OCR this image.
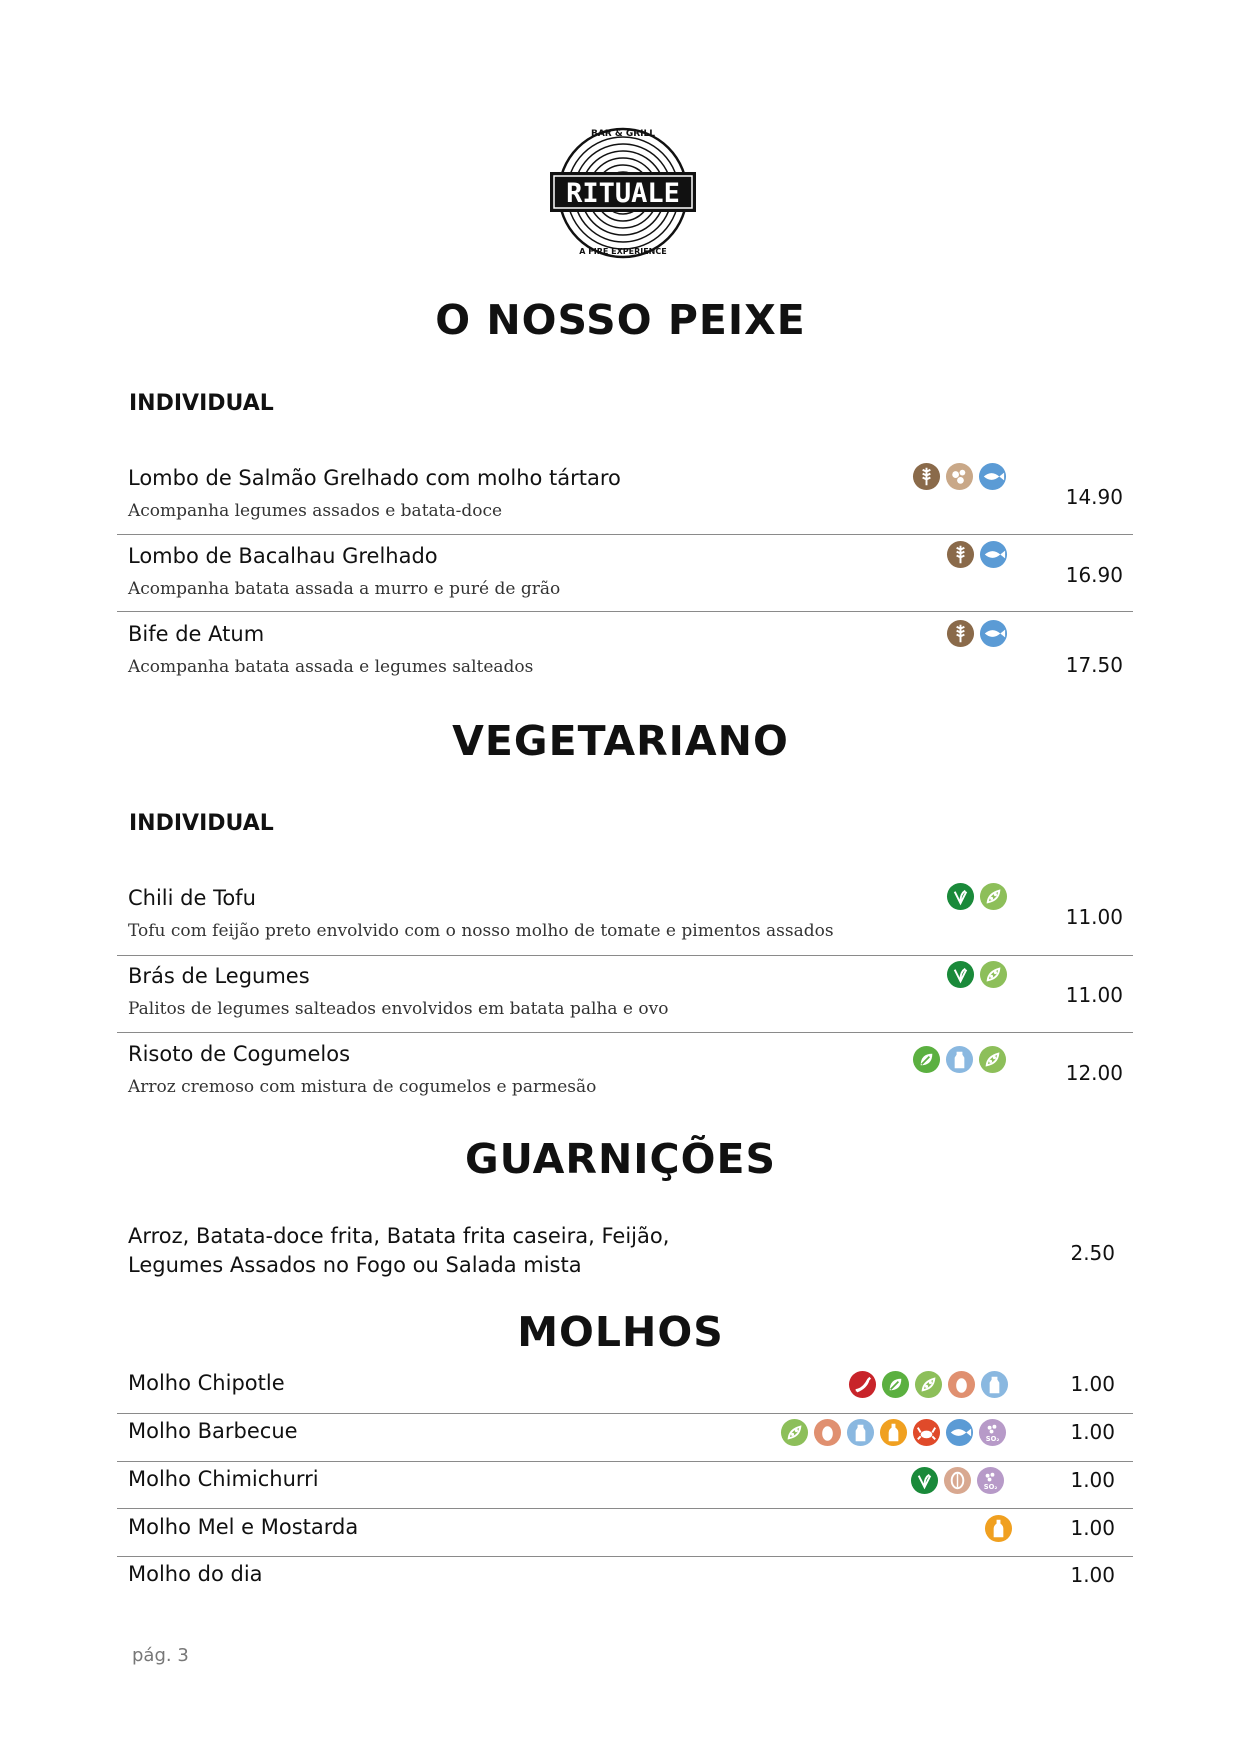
RITUALE
BAR & GRILL
A FIRE EXPERIENCE
O NOSSO PEIXE
INDIVIDUAL
Lombo de Salmão Grelhado com molho tártaro
Acompanha legumes assados e batata-doce
14.90
Lombo de Bacalhau Grelhado
Acompanha batata assada a murro e puré de grão
16.90
Bife de Atum
Acompanha batata assada e legumes salteados	17.50
VEGETARIANO
INDIVIDUAL
Chili de Tofu
Tofu com feijão preto envolvido com o nosso molho de tomate e pimentos assados
11.00
Brás de Legumes
Palitos de legumes salteados envolvidos em batata palha e ovo
11.00
Risoto de Cogumelos
Arroz cremoso com mistura de cogumelos e parmesão
12.00
GUARNIÇÕES
Arroz, Batata-doce frita, Batata frita caseira, Feijão,
Legumes Assados no Fogo ou Salada mista	2.50
MOLHOS
Molho Chipotle	1.00
Molho Barbecue	SO₂	1.00
Molho Chimichurri	SO₂	1.00
Molho Mel e Mostarda	1.00
Molho do dia	1.00
pág. 3
